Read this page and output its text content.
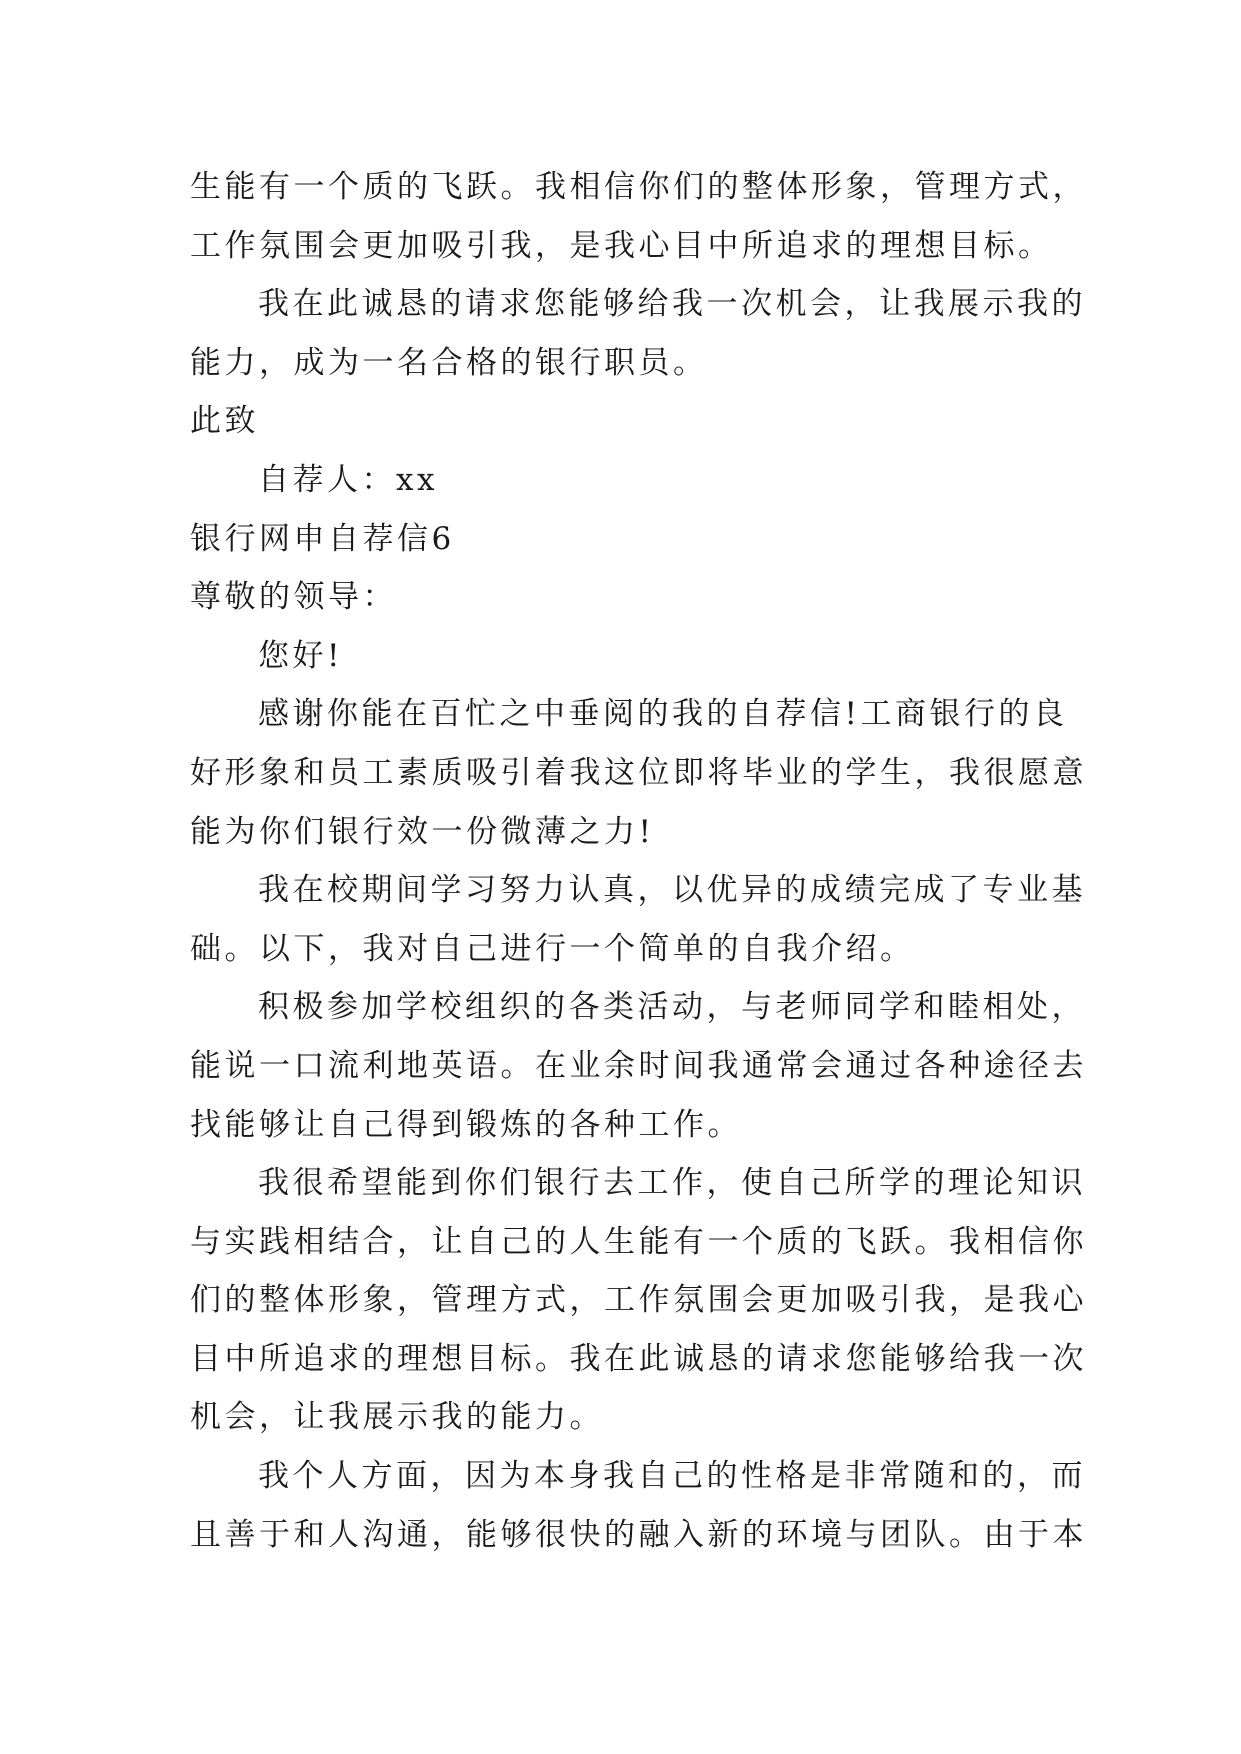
生能有一个质的飞跃。我相信你们的整体形象，管理方式，
工作氛围会更加吸引我，是我心目中所追求的理想目标。
我在此诚恳的请求您能够给我一次机会，让我展示我的
能力，成为一名合格的银行职员。
此致
自荐人：xx
银行网申自荐信6
尊敬的领导：
您好!
感谢你能在百忙之中垂阅的我的自荐信!工商银行的良
好形象和员工素质吸引着我这位即将毕业的学生，我很愿意
能为你们银行效一份微薄之力!
我在校期间学习努力认真，以优异的成绩完成了专业基
础。以下，我对自己进行一个简单的自我介绍。
积极参加学校组织的各类活动，与老师同学和睦相处，
能说一口流利地英语。在业余时间我通常会通过各种途径去
找能够让自己得到锻炼的各种工作。
我很希望能到你们银行去工作，使自己所学的理论知识
与实践相结合，让自己的人生能有一个质的飞跃。我相信你
们的整体形象，管理方式，工作氛围会更加吸引我，是我心
目中所追求的理想目标。我在此诚恳的请求您能够给我一次
机会，让我展示我的能力。
我个人方面，因为本身我自己的性格是非常随和的，而
且善于和人沟通，能够很快的融入新的环境与团队。由于本
